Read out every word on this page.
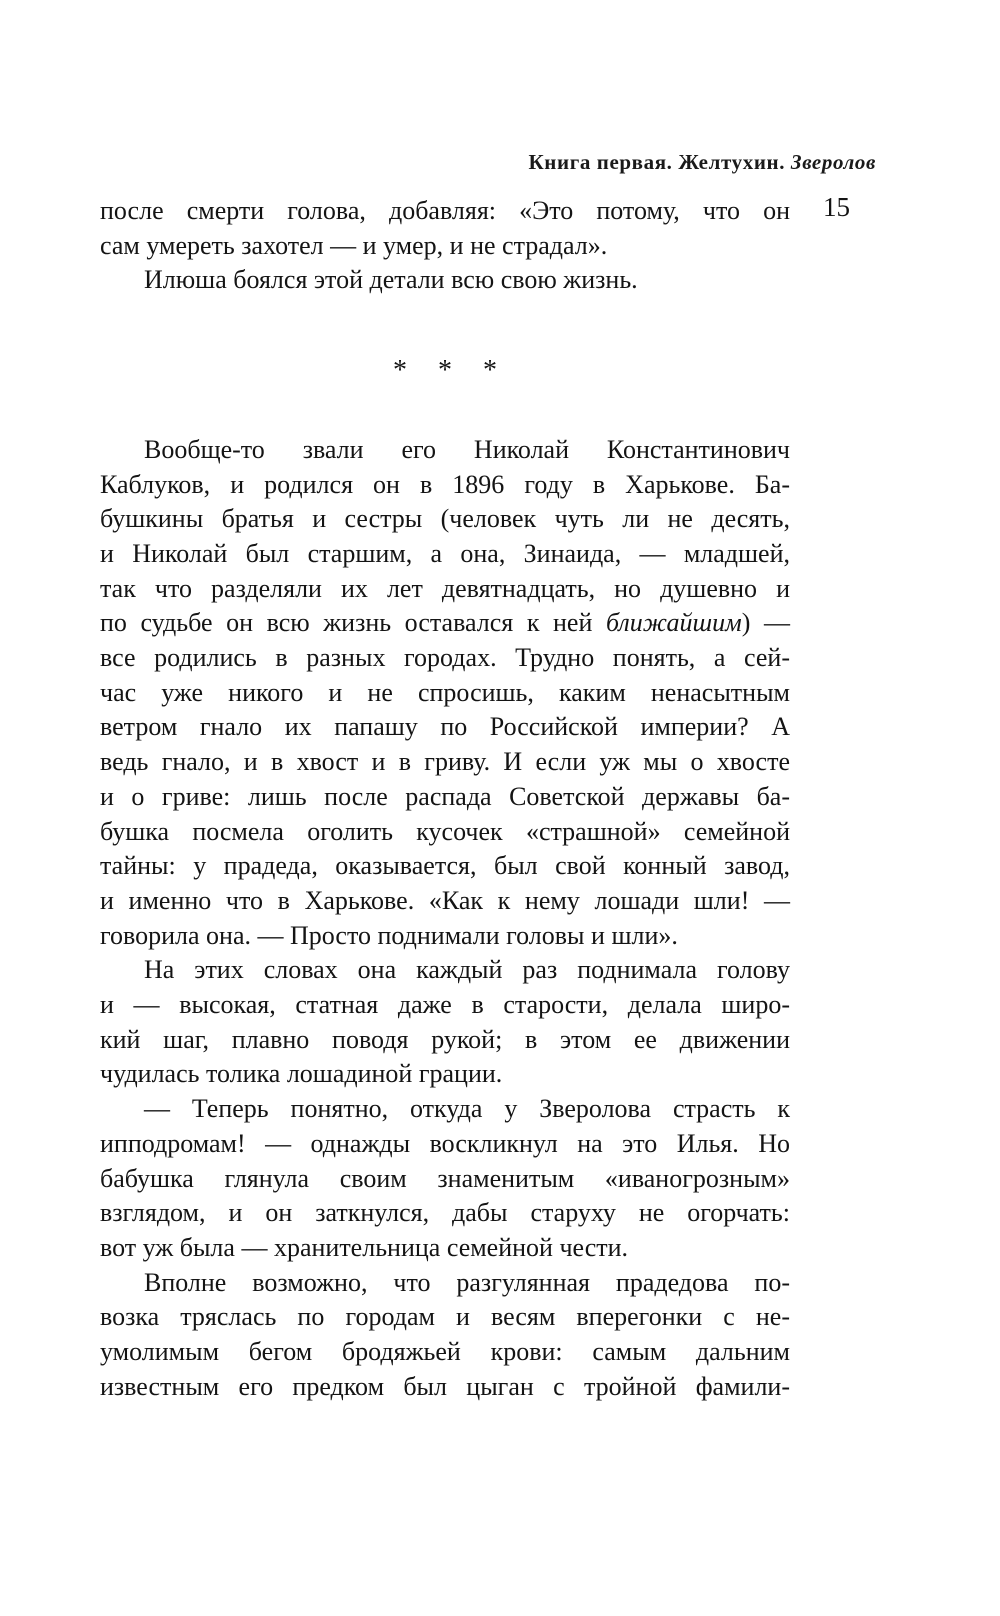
Книга первая. Желтухин. Зверолов
15
после смерти голова, добавляя: «Это потому, что он
сам умереть захотел — и умер, и не страдал».
Илюша боялся этой детали всю свою жизнь.
* * *
Вообще-то звали его Николай Константинович
Каблуков, и родился он в 1896 году в Харькове. Ба-
бушкины братья и сестры (человек чуть ли не десять,
и Николай был старшим, а она, Зинаида, — младшей,
так что разделяли их лет девятнадцать, но душевно и
по судьбе он всю жизнь оставался к ней ближайшим) —
все родились в разных городах. Трудно понять, а сей-
час уже никого и не спросишь, каким ненасытным
ветром гнало их папашу по Российской империи? А
ведь гнало, и в хвост и в гриву. И если уж мы о хвосте
и о гриве: лишь после распада Советской державы ба-
бушка посмела оголить кусочек «страшной» семейной
тайны: у прадеда, оказывается, был свой конный завод,
и именно что в Харькове. «Как к нему лошади шли! —
говорила она. — Просто поднимали головы и шли».
На этих словах она каждый раз поднимала голову
и — высокая, статная даже в старости, делала широ-
кий шаг, плавно поводя рукой; в этом ее движении
чудилась толика лошадиной грации.
— Теперь понятно, откуда у Зверолова страсть к
ипподромам! — однажды воскликнул на это Илья. Но
бабушка глянула своим знаменитым «иваногрозным»
взглядом, и он заткнулся, дабы старуху не огорчать:
вот уж была — хранительница семейной чести.
Вполне возможно, что разгулянная прадедова по-
возка тряслась по городам и весям вперегонки с не-
умолимым бегом бродяжьей крови: самым дальним
известным его предком был цыган с тройной фамили-
